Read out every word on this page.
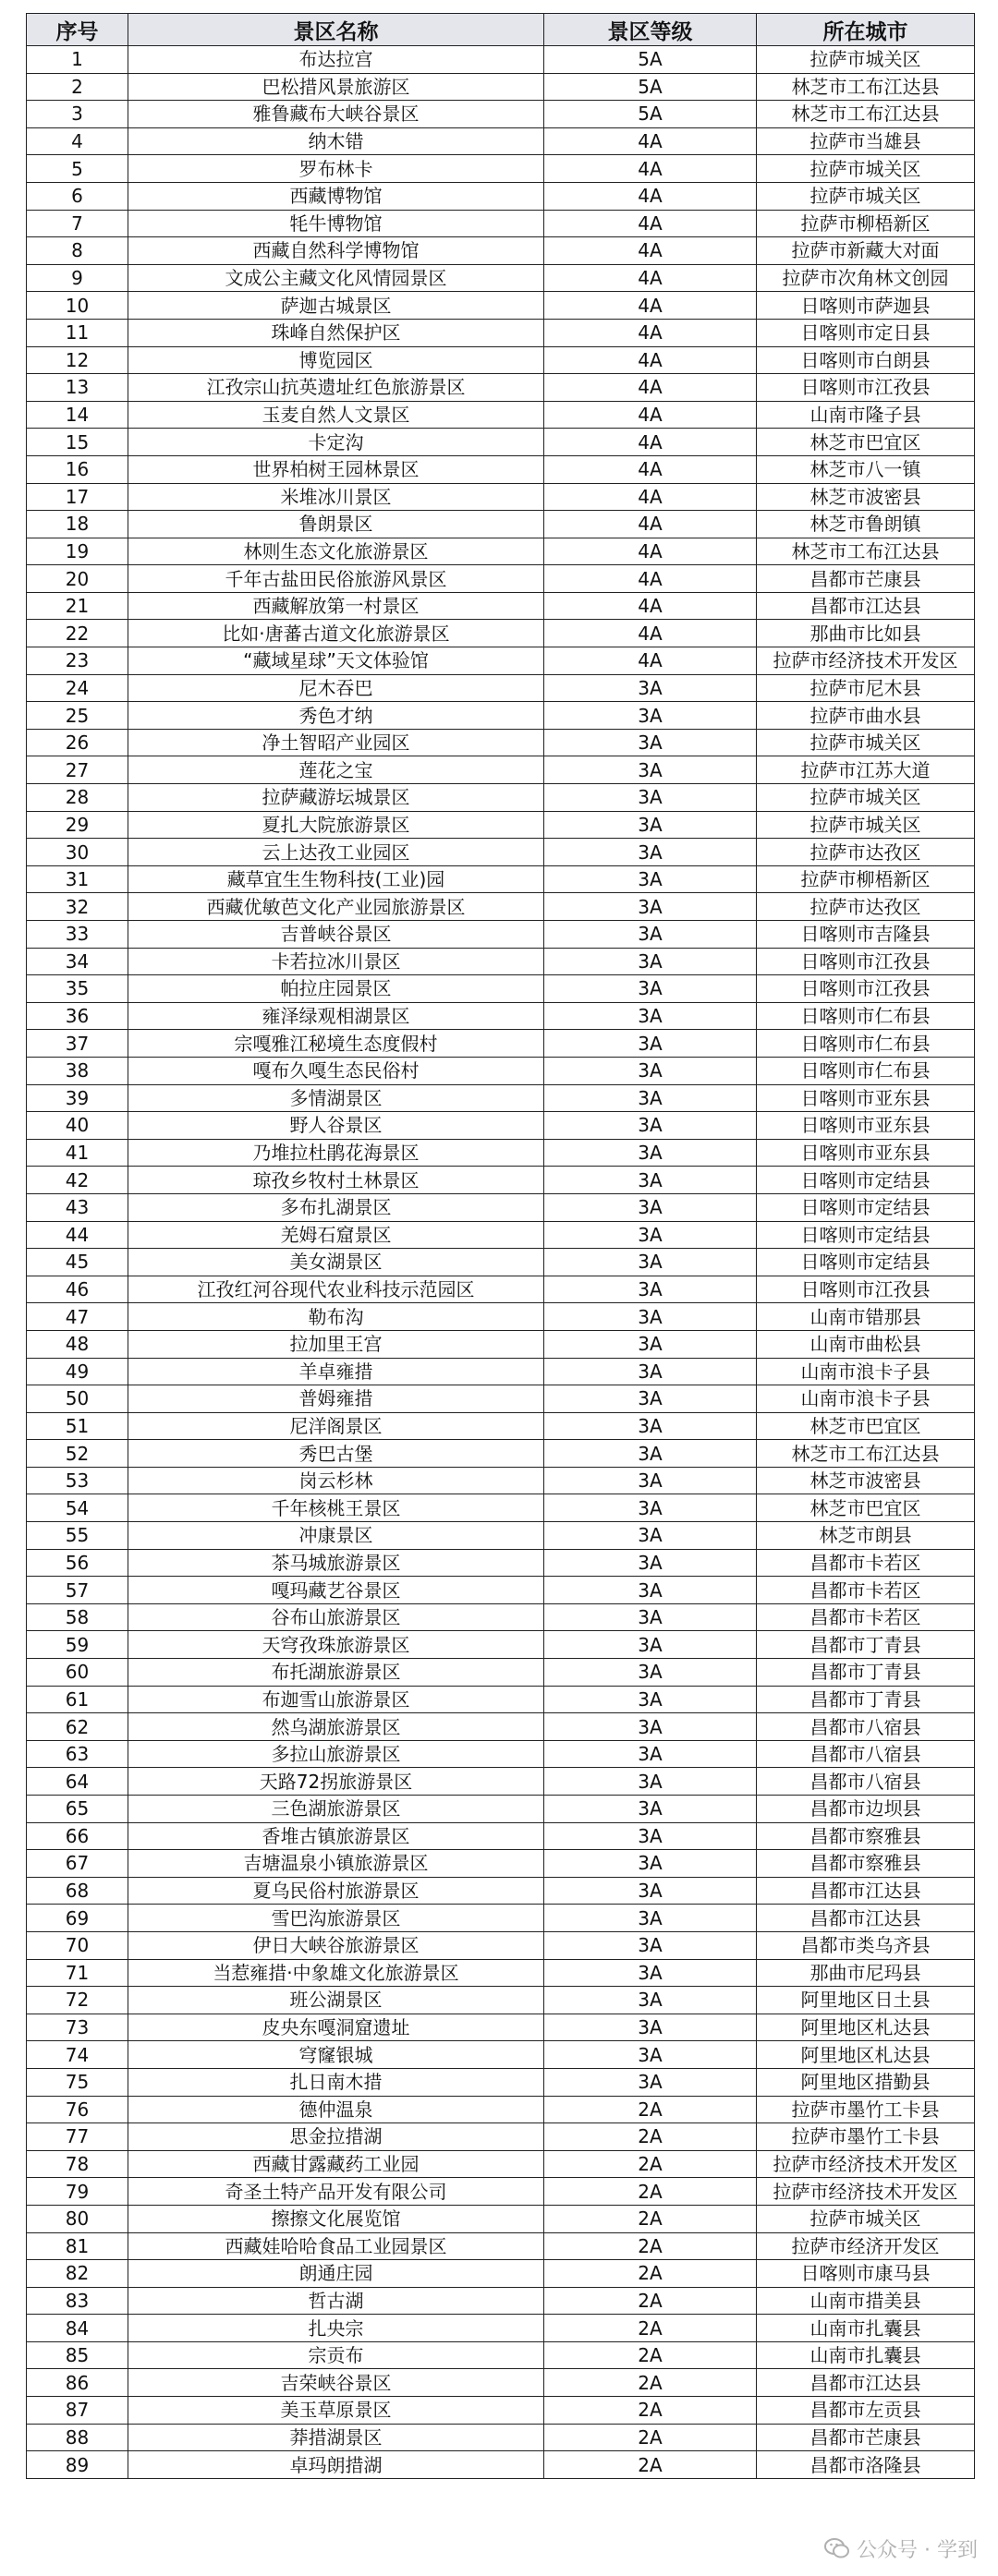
序号	景区名称	景区等级	所在城市
1	布达拉宫	5A	拉萨市城关区
2	巴松措风景旅游区	5A	林芝市工布江达县
3	雅鲁藏布大峡谷景区	5A	林芝市工布江达县
4	纳木错	4A	拉萨市当雄县
5	罗布林卡	4A	拉萨市城关区
6	西藏博物馆	4A	拉萨市城关区
7	牦牛博物馆	4A	拉萨市柳梧新区
8	西藏自然科学博物馆	4A	拉萨市新藏大对面
9	文成公主藏文化风情园景区	4A	拉萨市次角林文创园
10	萨迦古城景区	4A	日喀则市萨迦县
11	珠峰自然保护区	4A	日喀则市定日县
12	博览园区	4A	日喀则市白朗县
13	江孜宗山抗英遗址红色旅游景区	4A	日喀则市江孜县
14	玉麦自然人文景区	4A	山南市隆子县
15	卡定沟	4A	林芝市巴宜区
16	世界柏树王园林景区	4A	林芝市八一镇
17	米堆冰川景区	4A	林芝市波密县
18	鲁朗景区	4A	林芝市鲁朗镇
19	林则生态文化旅游景区	4A	林芝市工布江达县
20	千年古盐田民俗旅游风景区	4A	昌都市芒康县
21	西藏解放第一村景区	4A	昌都市江达县
22	比如·唐蕃古道文化旅游景区	4A	那曲市比如县
23	“藏域星球”天文体验馆	4A	拉萨市经济技术开发区
24	尼木吞巴	3A	拉萨市尼木县
25	秀色才纳	3A	拉萨市曲水县
26	净土智昭产业园区	3A	拉萨市城关区
27	莲花之宝	3A	拉萨市江苏大道
28	拉萨藏游坛城景区	3A	拉萨市城关区
29	夏扎大院旅游景区	3A	拉萨市城关区
30	云上达孜工业园区	3A	拉萨市达孜区
31	藏草宜生生物科技(工业)园	3A	拉萨市柳梧新区
32	西藏优敏芭文化产业园旅游景区	3A	拉萨市达孜区
33	吉普峡谷景区	3A	日喀则市吉隆县
34	卡若拉冰川景区	3A	日喀则市江孜县
35	帕拉庄园景区	3A	日喀则市江孜县
36	雍泽绿观相湖景区	3A	日喀则市仁布县
37	宗嘎雅江秘境生态度假村	3A	日喀则市仁布县
38	嘎布久嘎生态民俗村	3A	日喀则市仁布县
39	多情湖景区	3A	日喀则市亚东县
40	野人谷景区	3A	日喀则市亚东县
41	乃堆拉杜鹃花海景区	3A	日喀则市亚东县
42	琼孜乡牧村土林景区	3A	日喀则市定结县
43	多布扎湖景区	3A	日喀则市定结县
44	羌姆石窟景区	3A	日喀则市定结县
45	美女湖景区	3A	日喀则市定结县
46	江孜红河谷现代农业科技示范园区	3A	日喀则市江孜县
47	勒布沟	3A	山南市错那县
48	拉加里王宫	3A	山南市曲松县
49	羊卓雍措	3A	山南市浪卡子县
50	普姆雍措	3A	山南市浪卡子县
51	尼洋阁景区	3A	林芝市巴宜区
52	秀巴古堡	3A	林芝市工布江达县
53	岗云杉林	3A	林芝市波密县
54	千年核桃王景区	3A	林芝市巴宜区
55	冲康景区	3A	林芝市朗县
56	茶马城旅游景区	3A	昌都市卡若区
57	嘎玛藏艺谷景区	3A	昌都市卡若区
58	谷布山旅游景区	3A	昌都市卡若区
59	天穹孜珠旅游景区	3A	昌都市丁青县
60	布托湖旅游景区	3A	昌都市丁青县
61	布迦雪山旅游景区	3A	昌都市丁青县
62	然乌湖旅游景区	3A	昌都市八宿县
63	多拉山旅游景区	3A	昌都市八宿县
64	天路72拐旅游景区	3A	昌都市八宿县
65	三色湖旅游景区	3A	昌都市边坝县
66	香堆古镇旅游景区	3A	昌都市察雅县
67	吉塘温泉小镇旅游景区	3A	昌都市察雅县
68	夏乌民俗村旅游景区	3A	昌都市江达县
69	雪巴沟旅游景区	3A	昌都市江达县
70	伊日大峡谷旅游景区	3A	昌都市类乌齐县
71	当惹雍措·中象雄文化旅游景区	3A	那曲市尼玛县
72	班公湖景区	3A	阿里地区日土县
73	皮央东嘎洞窟遗址	3A	阿里地区札达县
74	穹窿银城	3A	阿里地区札达县
75	扎日南木措	3A	阿里地区措勤县
76	德仲温泉	2A	拉萨市墨竹工卡县
77	思金拉措湖	2A	拉萨市墨竹工卡县
78	西藏甘露藏药工业园	2A	拉萨市经济技术开发区
79	奇圣土特产品开发有限公司	2A	拉萨市经济技术开发区
80	擦擦文化展览馆	2A	拉萨市城关区
81	西藏娃哈哈食品工业园景区	2A	拉萨市经济开发区
82	朗通庄园	2A	日喀则市康马县
83	哲古湖	2A	山南市措美县
84	扎央宗	2A	山南市扎囊县
85	宗贡布	2A	山南市扎囊县
86	吉荣峡谷景区	2A	昌都市江达县
87	美玉草原景区	2A	昌都市左贡县
88	莽措湖景区	2A	昌都市芒康县
89	卓玛朗措湖	2A	昌都市洛隆县
公众号 · 学到
